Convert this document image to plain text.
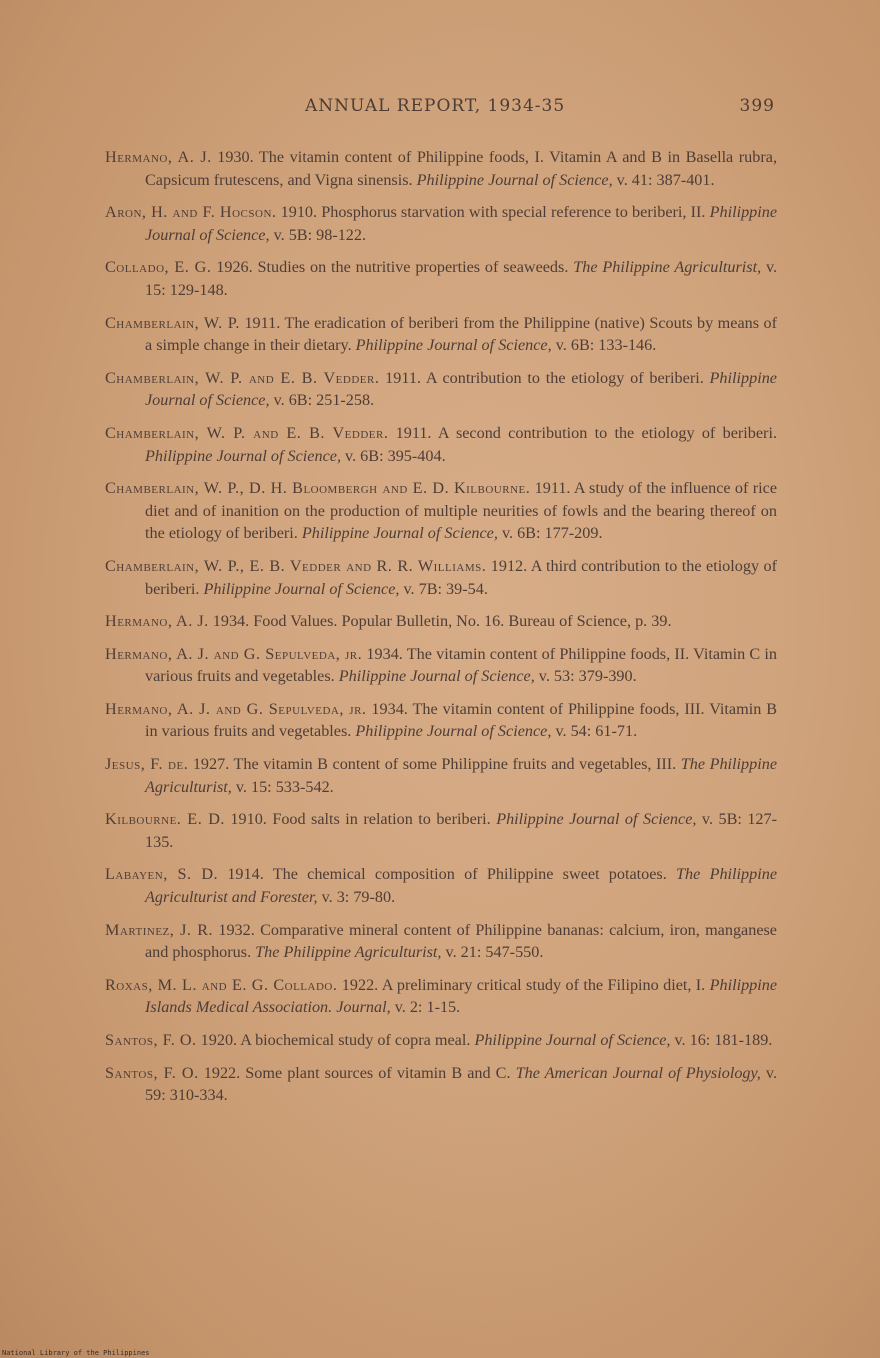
ANNUAL REPORT, 1934-35	399

Hermano, A. J. 1930. The vitamin content of Philippine foods, I. Vitamin A and B in Basella rubra, Capsicum frutescens, and Vigna sinensis. Philippine Journal of Science, v. 41: 387-401.

Aron, H. and F. Hocson. 1910. Phosphorus starvation with special reference to beriberi, II. Philippine Journal of Science, v. 5B: 98-122.

Collado, E. G. 1926. Studies on the nutritive properties of seaweeds. The Philippine Agriculturist, v. 15: 129-148.

Chamberlain, W. P. 1911. The eradication of beriberi from the Philippine (native) Scouts by means of a simple change in their dietary. Philippine Journal of Science, v. 6B: 133-146.

Chamberlain, W. P. and E. B. Vedder. 1911. A contribution to the etiology of beriberi. Philippine Journal of Science, v. 6B: 251-258.

Chamberlain, W. P. and E. B. Vedder. 1911. A second contribution to the etiology of beriberi. Philippine Journal of Science, v. 6B: 395-404.

Chamberlain, W. P., D. H. Bloombergh and E. D. Kilbourne. 1911. A study of the influence of rice diet and of inanition on the production of multiple neurities of fowls and the bearing thereof on the etiology of beriberi. Philippine Journal of Science, v. 6B: 177-209.

Chamberlain, W. P., E. B. Vedder and R. R. Williams. 1912. A third contribution to the etiology of beriberi. Philippine Journal of Science, v. 7B: 39-54.

Hermano, A. J. 1934. Food Values. Popular Bulletin, No. 16. Bureau of Science, p. 39.

Hermano, A. J. and G. Sepulveda, jr. 1934. The vitamin content of Philippine foods, II. Vitamin C in various fruits and vegetables. Philippine Journal of Science, v. 53: 379-390.

Hermano, A. J. and G. Sepulveda, jr. 1934. The vitamin content of Philippine foods, III. Vitamin B in various fruits and vegetables. Philippine Journal of Science, v. 54: 61-71.

Jesus, F. de. 1927. The vitamin B content of some Philippine fruits and vegetables, III. The Philippine Agriculturist, v. 15: 533-542.

Kilbourne. E. D. 1910. Food salts in relation to beriberi. Philippine Journal of Science, v. 5B: 127-135.

Labayen, S. D. 1914. The chemical composition of Philippine sweet potatoes. The Philippine Agriculturist and Forester, v. 3: 79-80.

Martinez, J. R. 1932. Comparative mineral content of Philippine bananas: calcium, iron, manganese and phosphorus. The Philippine Agriculturist, v. 21: 547-550.

Roxas, M. L. and E. G. Collado. 1922. A preliminary critical study of the Filipino diet, I. Philippine Islands Medical Association. Journal, v. 2: 1-15.

Santos, F. O. 1920. A biochemical study of copra meal. Philippine Journal of Science, v. 16: 181-189.

Santos, F. O. 1922. Some plant sources of vitamin B and C. The American Journal of Physiology, v. 59: 310-334.

National Library of the Philippines
